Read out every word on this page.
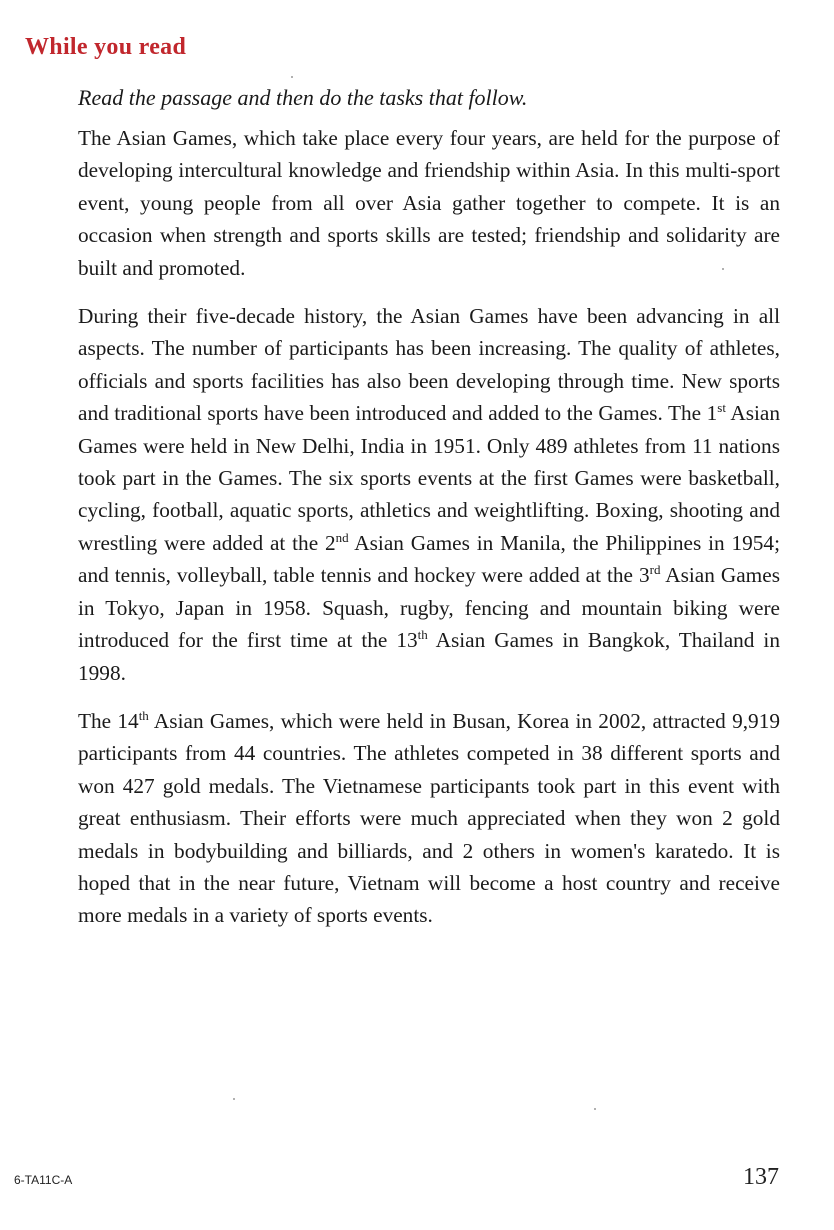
While you read
Read the passage and then do the tasks that follow.

The Asian Games, which take place every four years, are held for the purpose of developing intercultural knowledge and friendship within Asia. In this multi-sport event, young people from all over Asia gather together to compete. It is an occasion when strength and sports skills are tested; friendship and solidarity are built and promoted.

During their five-decade history, the Asian Games have been advancing in all aspects. The number of participants has been increasing. The quality of athletes, officials and sports facilities has also been developing through time. New sports and traditional sports have been introduced and added to the Games. The 1st Asian Games were held in New Delhi, India in 1951. Only 489 athletes from 11 nations took part in the Games. The six sports events at the first Games were basketball, cycling, football, aquatic sports, athletics and weightlifting. Boxing, shooting and wrestling were added at the 2nd Asian Games in Manila, the Philippines in 1954; and tennis, volleyball, table tennis and hockey were added at the 3rd Asian Games in Tokyo, Japan in 1958. Squash, rugby, fencing and mountain biking were introduced for the first time at the 13th Asian Games in Bangkok, Thailand in 1998.

The 14th Asian Games, which were held in Busan, Korea in 2002, attracted 9,919 participants from 44 countries. The athletes competed in 38 different sports and won 427 gold medals. The Vietnamese participants took part in this event with great enthusiasm. Their efforts were much appreciated when they won 2 gold medals in bodybuilding and billiards, and 2 others in women's karatedo. It is hoped that in the near future, Vietnam will become a host country and receive more medals in a variety of sports events.

6-TA11C-A	137
